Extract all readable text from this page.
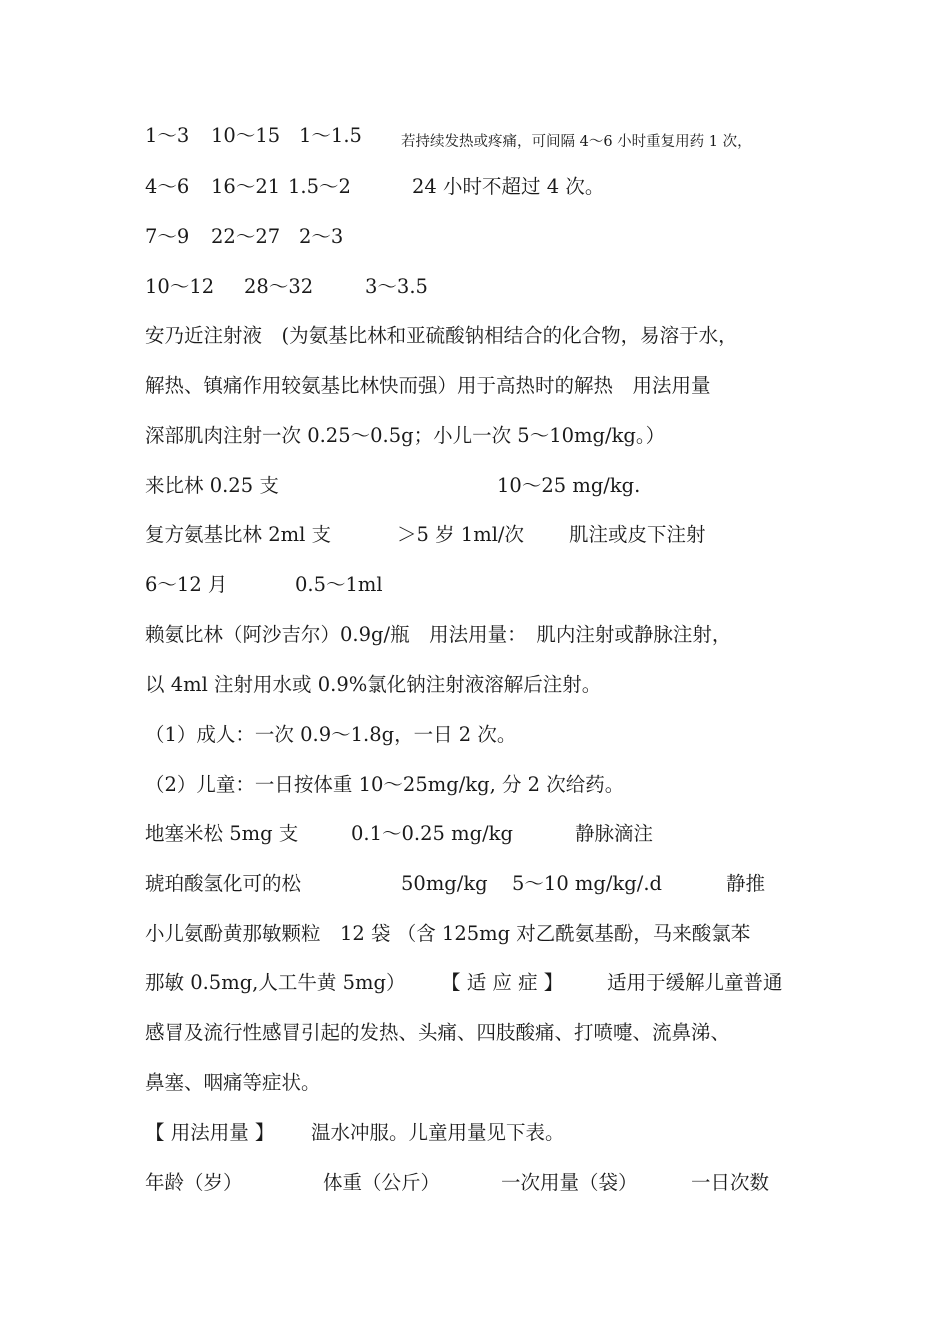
1～3 10～15 1～1.5	若持续发热或疼痛，可间隔 4～6 小时重复用药 1 次，
4～6 16～21 1.5～2	24 小时不超过 4 次。
7～9 22～27 2～3
10～12 28～32	3～3.5
安乃近注射液　(为氨基比林和亚硫酸钠相结合的化合物，易溶于水，
解热、镇痛作用较氨基比林快而强）用于高热时的解热　用法用量
深部肌肉注射一次 0.25～0.5g；小儿一次 5～10mg/kg。）
来比林 0.25 支	10～25 mg/kg.
复方氨基比林 2ml 支	＞5 岁 1ml/次 肌注或皮下注射
6～12 月	0.5～1ml
赖氨比林（阿沙吉尔）0.9g/瓶　用法用量：　肌内注射或静脉注射，
以 4ml 注射用水或 0.9%氯化钠注射液溶解后注射。
（1）成人：一次 0.9～1.8g，一日 2 次。
（2）儿童：一日按体重 10～25mg/kg, 分 2 次给药。
地塞米松 5mg 支	0.1～0.25 mg/kg	静脉滴注
琥珀酸氢化可的松	50mg/kg 5～10 mg/kg/.d	静推
小儿氨酚黄那敏颗粒　12 袋 （含 125mg 对乙酰氨基酚，马来酸氯苯
那敏 0.5mg,人工牛黄 5mg） 【 适 应 症 】 适用于缓解儿童普通
感冒及流行性感冒引起的发热、头痛、四肢酸痛、打喷嚏、流鼻涕、
鼻塞、咽痛等症状。
【 用法用量 】 温水冲服。儿童用量见下表。
年龄（岁）	体重（公斤）	一次用量（袋）	一日次数
